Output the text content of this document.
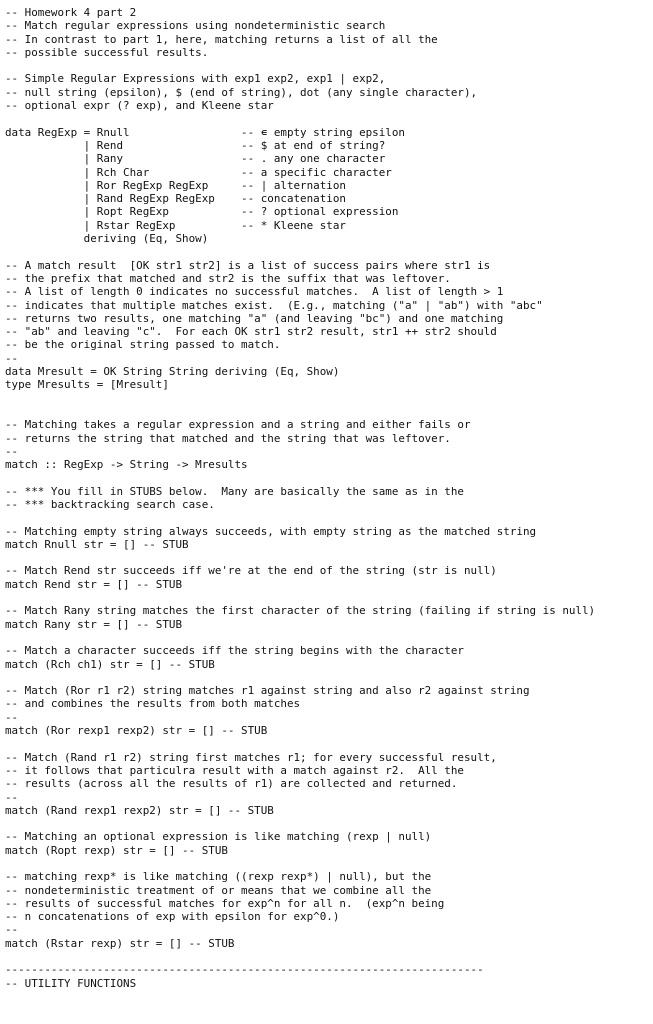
-- Homework 4 part 2
-- Match regular expressions using nondeterministic search
-- In contrast to part 1, here, matching returns a list of all the
-- possible successful results.
-- Simple Regular Expressions with exp1 exp2, exp1 | exp2,
-- null string (epsilon), $ (end of string), dot (any single character),
-- optional expr (? exp), and Kleene star
data RegExp = Rnull                 -- ∊ empty string epsilon
| Rend                  -- $ at end of string?
| Rany                  -- . any one character
| Rch Char              -- a specific character
| Ror RegExp RegExp     -- | alternation
| Rand RegExp RegExp    -- concatenation
| Ropt RegExp           -- ? optional expression
| Rstar RegExp          -- * Kleene star
deriving (Eq, Show)
-- A match result  [OK str1 str2] is a list of success pairs where str1 is
-- the prefix that matched and str2 is the suffix that was leftover.
-- A list of length 0 indicates no successful matches.  A list of length > 1
-- indicates that multiple matches exist.  (E.g., matching ("a" | "ab") with "abc"
-- returns two results, one matching "a" (and leaving "bc") and one matching
-- "ab" and leaving "c".  For each OK str1 str2 result, str1 ++ str2 should
-- be the original string passed to match.
--
data Mresult = OK String String deriving (Eq, Show)
type Mresults = [Mresult]
-- Matching takes a regular expression and a string and either fails or
-- returns the string that matched and the string that was leftover.
--
match :: RegExp -> String -> Mresults
-- *** You fill in STUBS below.  Many are basically the same as in the
-- *** backtracking search case.
-- Matching empty string always succeeds, with empty string as the matched string
match Rnull str = [] -- STUB
-- Match Rend str succeeds iff we're at the end of the string (str is null)
match Rend str = [] -- STUB
-- Match Rany string matches the first character of the string (failing if string is null)
match Rany str = [] -- STUB
-- Match a character succeeds iff the string begins with the character
match (Rch ch1) str = [] -- STUB
-- Match (Ror r1 r2) string matches r1 against string and also r2 against string
-- and combines the results from both matches
--
match (Ror rexp1 rexp2) str = [] -- STUB
-- Match (Rand r1 r2) string first matches r1; for every successful result,
-- it follows that particulra result with a match against r2.  All the
-- results (across all the results of r1) are collected and returned.
--
match (Rand rexp1 rexp2) str = [] -- STUB
-- Matching an optional expression is like matching (rexp | null)
match (Ropt rexp) str = [] -- STUB
-- matching rexp* is like matching ((rexp rexp*) | null), but the
-- nondeterministic treatment of or means that we combine all the
-- results of successful matches for exp^n for all n.  (exp^n being
-- n concatenations of exp with epsilon for exp^0.)
--
match (Rstar rexp) str = [] -- STUB
-------------------------------------------------------------------------
-- UTILITY FUNCTIONS
